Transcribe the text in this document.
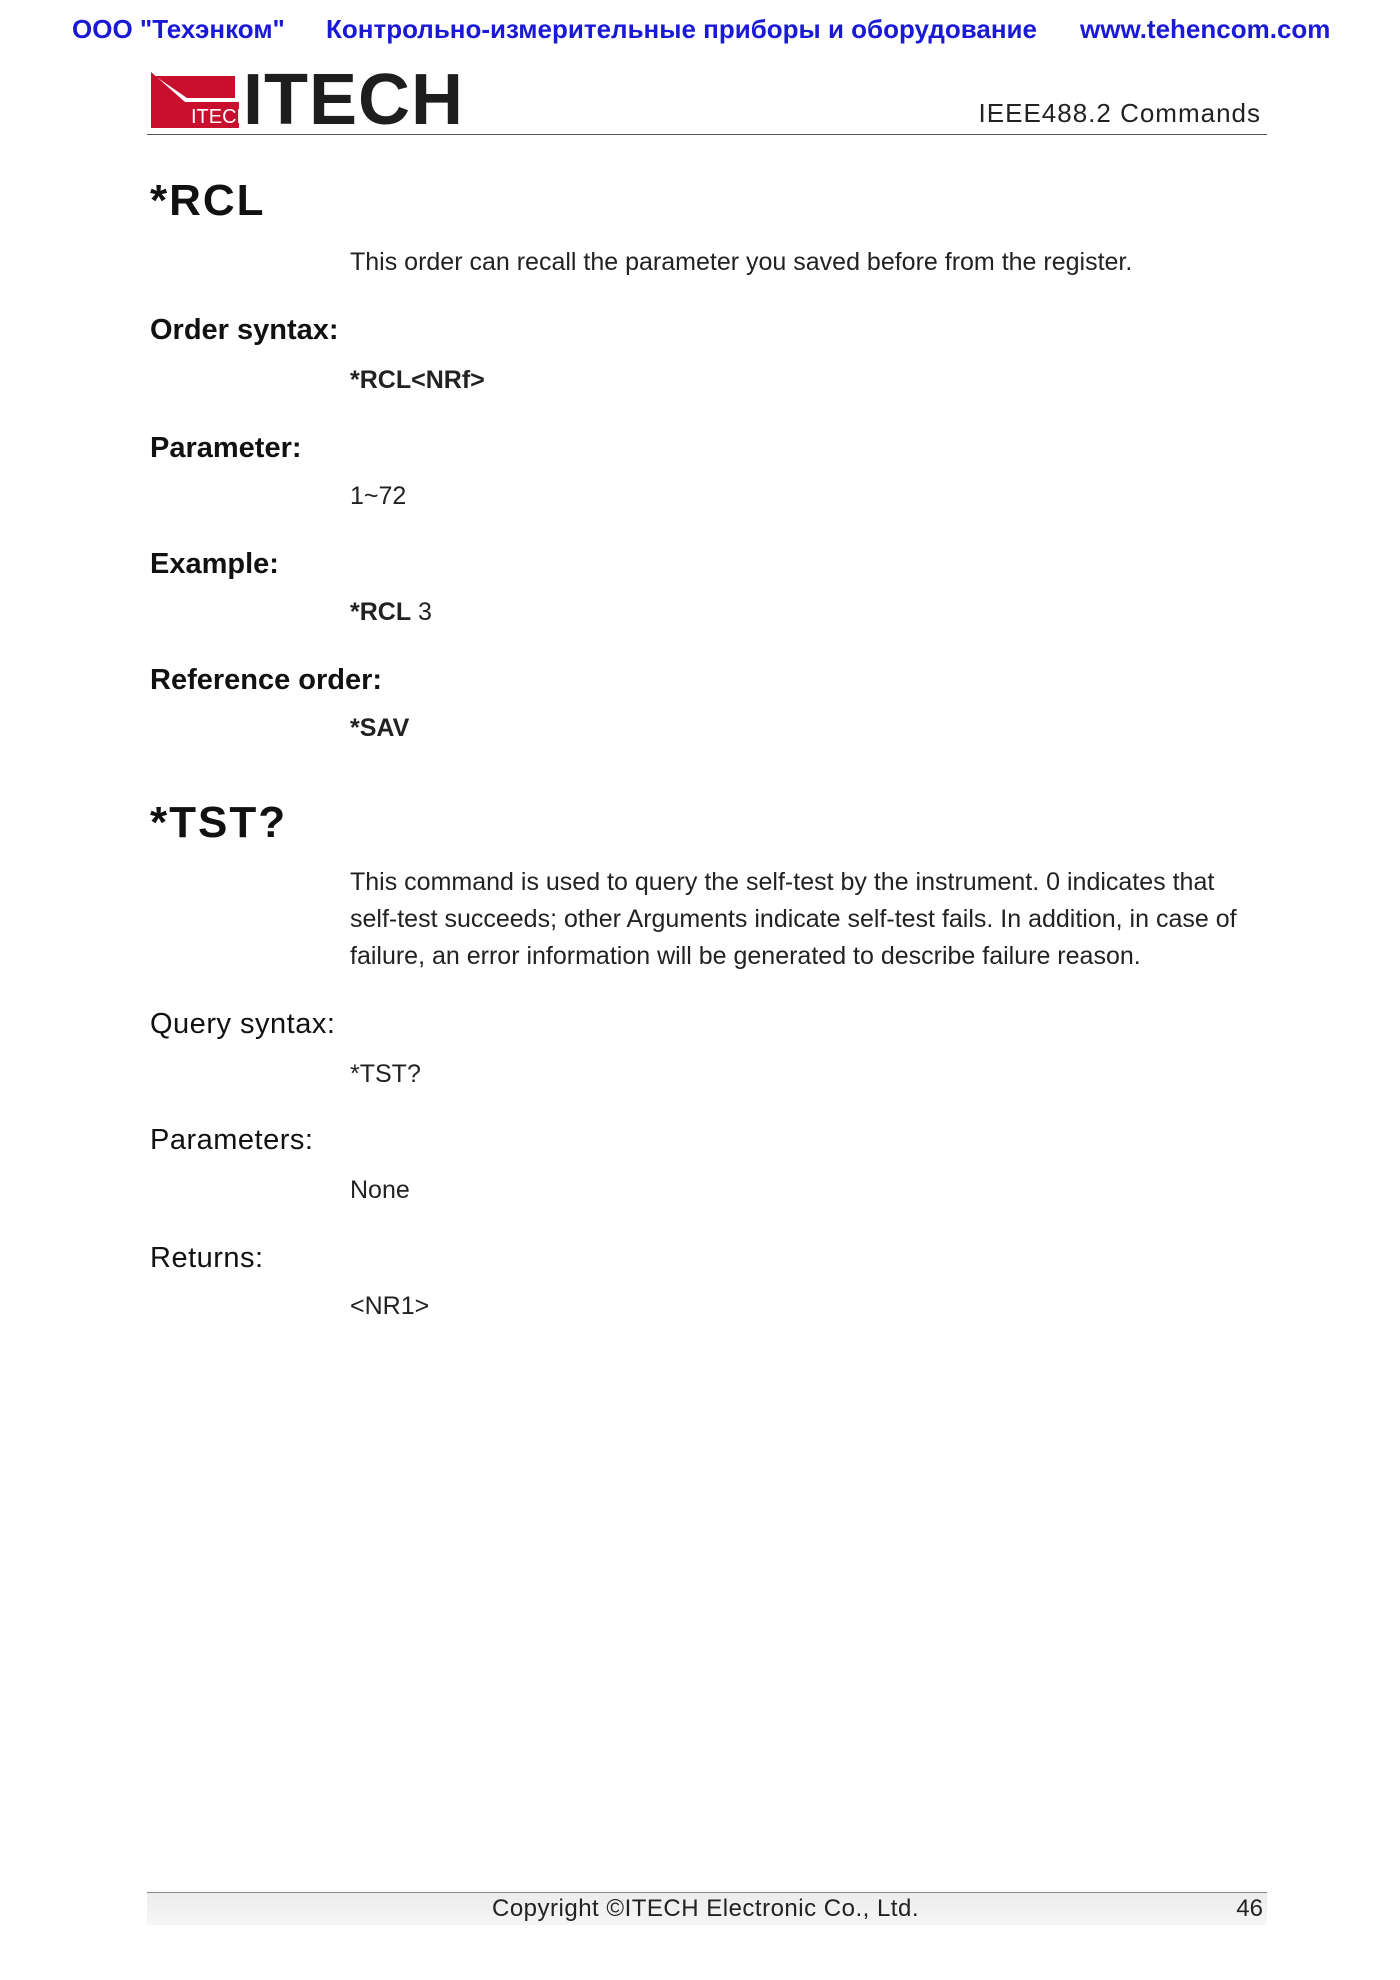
ООО "Техэнком" Контрольно-измерительные приборы и оборудование www.tehencom.com
ITECH
ITECH	IEEE488.2 Commands
*RCL
This order can recall the parameter you saved before from the register.
Order syntax:
*RCL<NRf>
Parameter:
1~72
Example:
*RCL 3
Reference order:
*SAV
*TST?
This command is used to query the self-test by the instrument. 0 indicates that self-test succeeds; other Arguments indicate self-test fails. In addition, in case of failure, an error information will be generated to describe failure reason.
Query syntax:
*TST?
Parameters:
None
Returns:
<NR1>
Copyright ©ITECH Electronic Co., Ltd.	46
